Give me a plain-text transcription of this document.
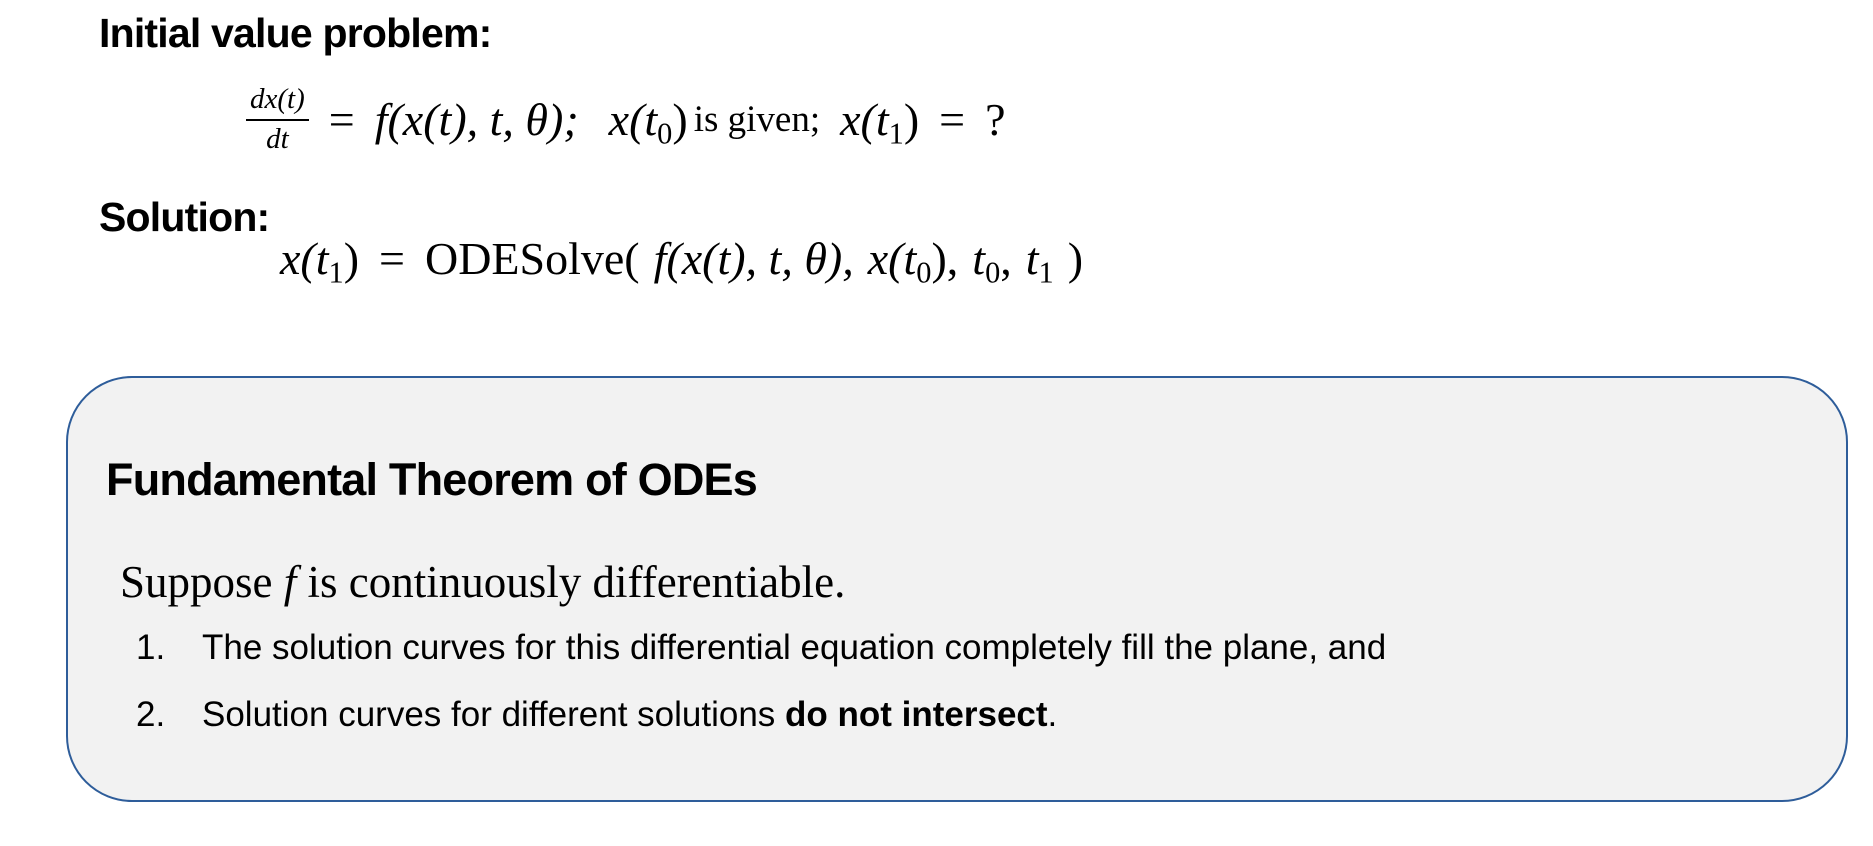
Initial value problem:
$\frac{dx(t)}{dt} = f(x(t)$, t, θ); $x(t_0)$ is given; $x(t_1)$ = ?
Solution:
$x(t_1)$ = ODESolve( f(x(t), t, θ), $x(t_0)$, $t_0$, $t_1$ )
Fundamental Theorem of ODEs
Suppose f is continuously differentiable.
1. The solution curves for this differential equation completely fill the plane, and
2. Solution curves for different solutions do not intersect.
